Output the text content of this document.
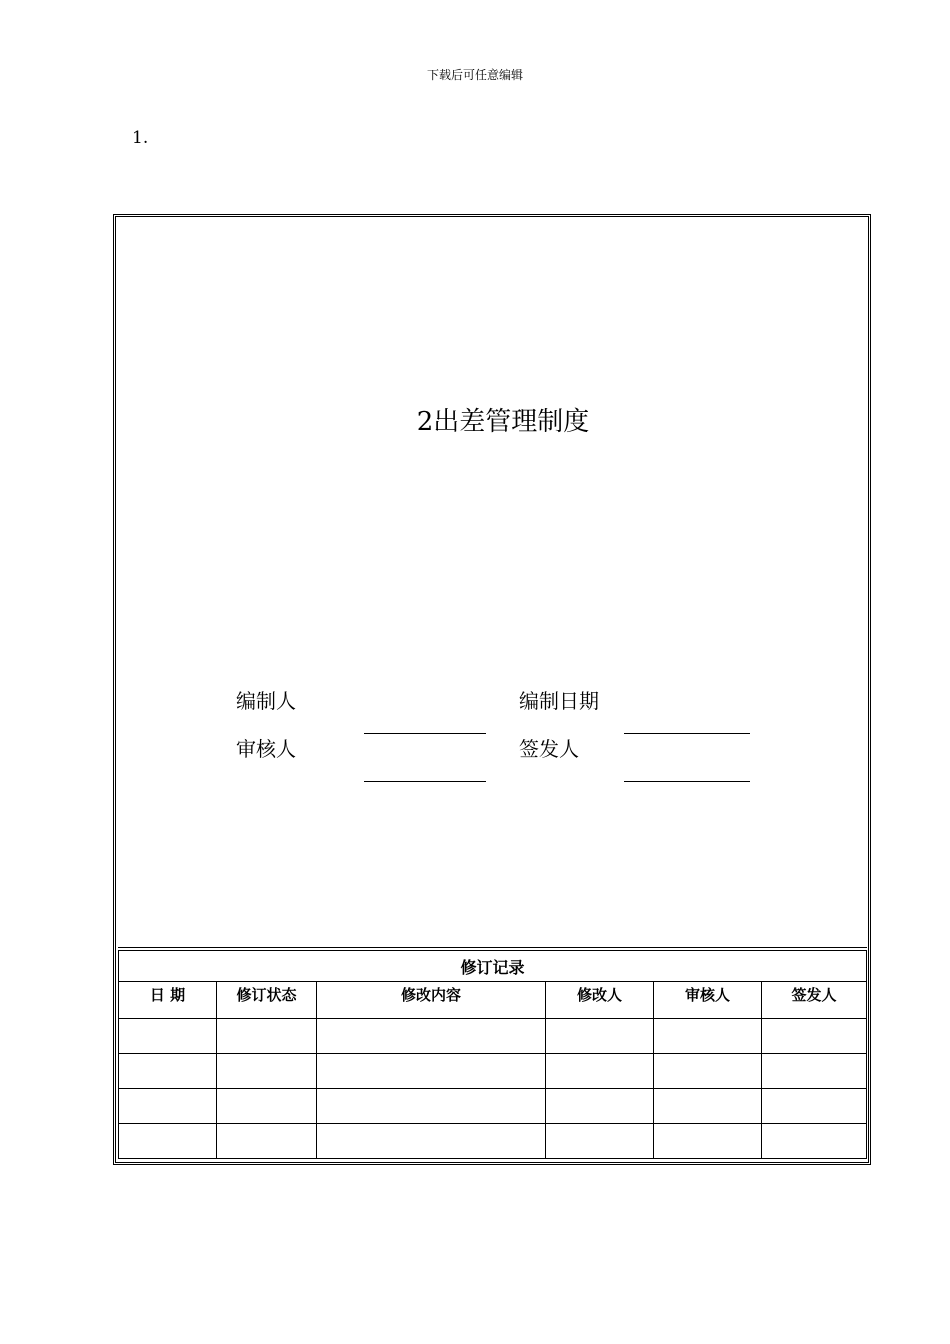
下载后可任意编辑
1.
2出差管理制度
编制人	编制日期
审核人	签发人
修订记录					
日 期	修订状态	修改内容	修改人	审核人	签发人
